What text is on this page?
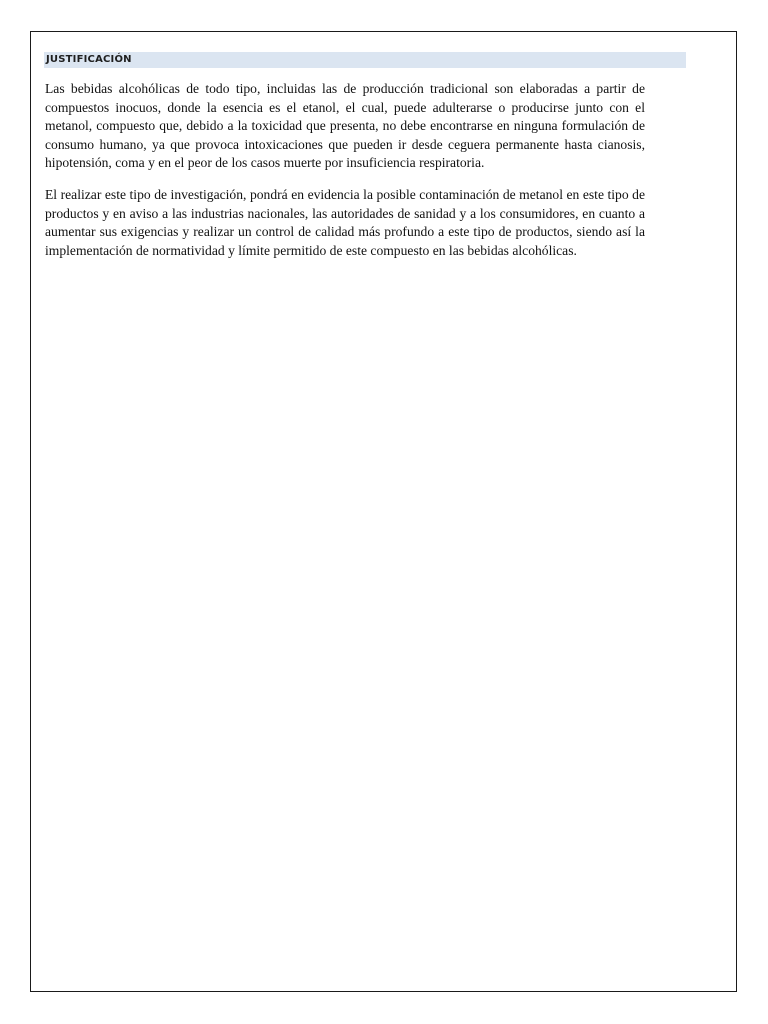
JUSTIFICACIÓN

Las bebidas alcohólicas de todo tipo, incluidas las de producción tradicional son elaboradas a partir de compuestos inocuos, donde la esencia es el etanol, el cual, puede adulterarse o producirse junto con el metanol, compuesto que, debido a la toxicidad que presenta, no debe encontrarse en ninguna formulación de consumo humano, ya que provoca intoxicaciones que pueden ir desde ceguera permanente hasta cianosis, hipotensión, coma y en el peor de los casos muerte por insuficiencia respiratoria.

El realizar este tipo de investigación, pondrá en evidencia la posible contaminación de metanol en este tipo de productos y en aviso a las industrias nacionales, las autoridades de sanidad y a los consumidores, en cuanto a aumentar sus exigencias y realizar un control de calidad más profundo a este tipo de productos, siendo así la implementación de normatividad y límite permitido de este compuesto en las bebidas alcohólicas.
